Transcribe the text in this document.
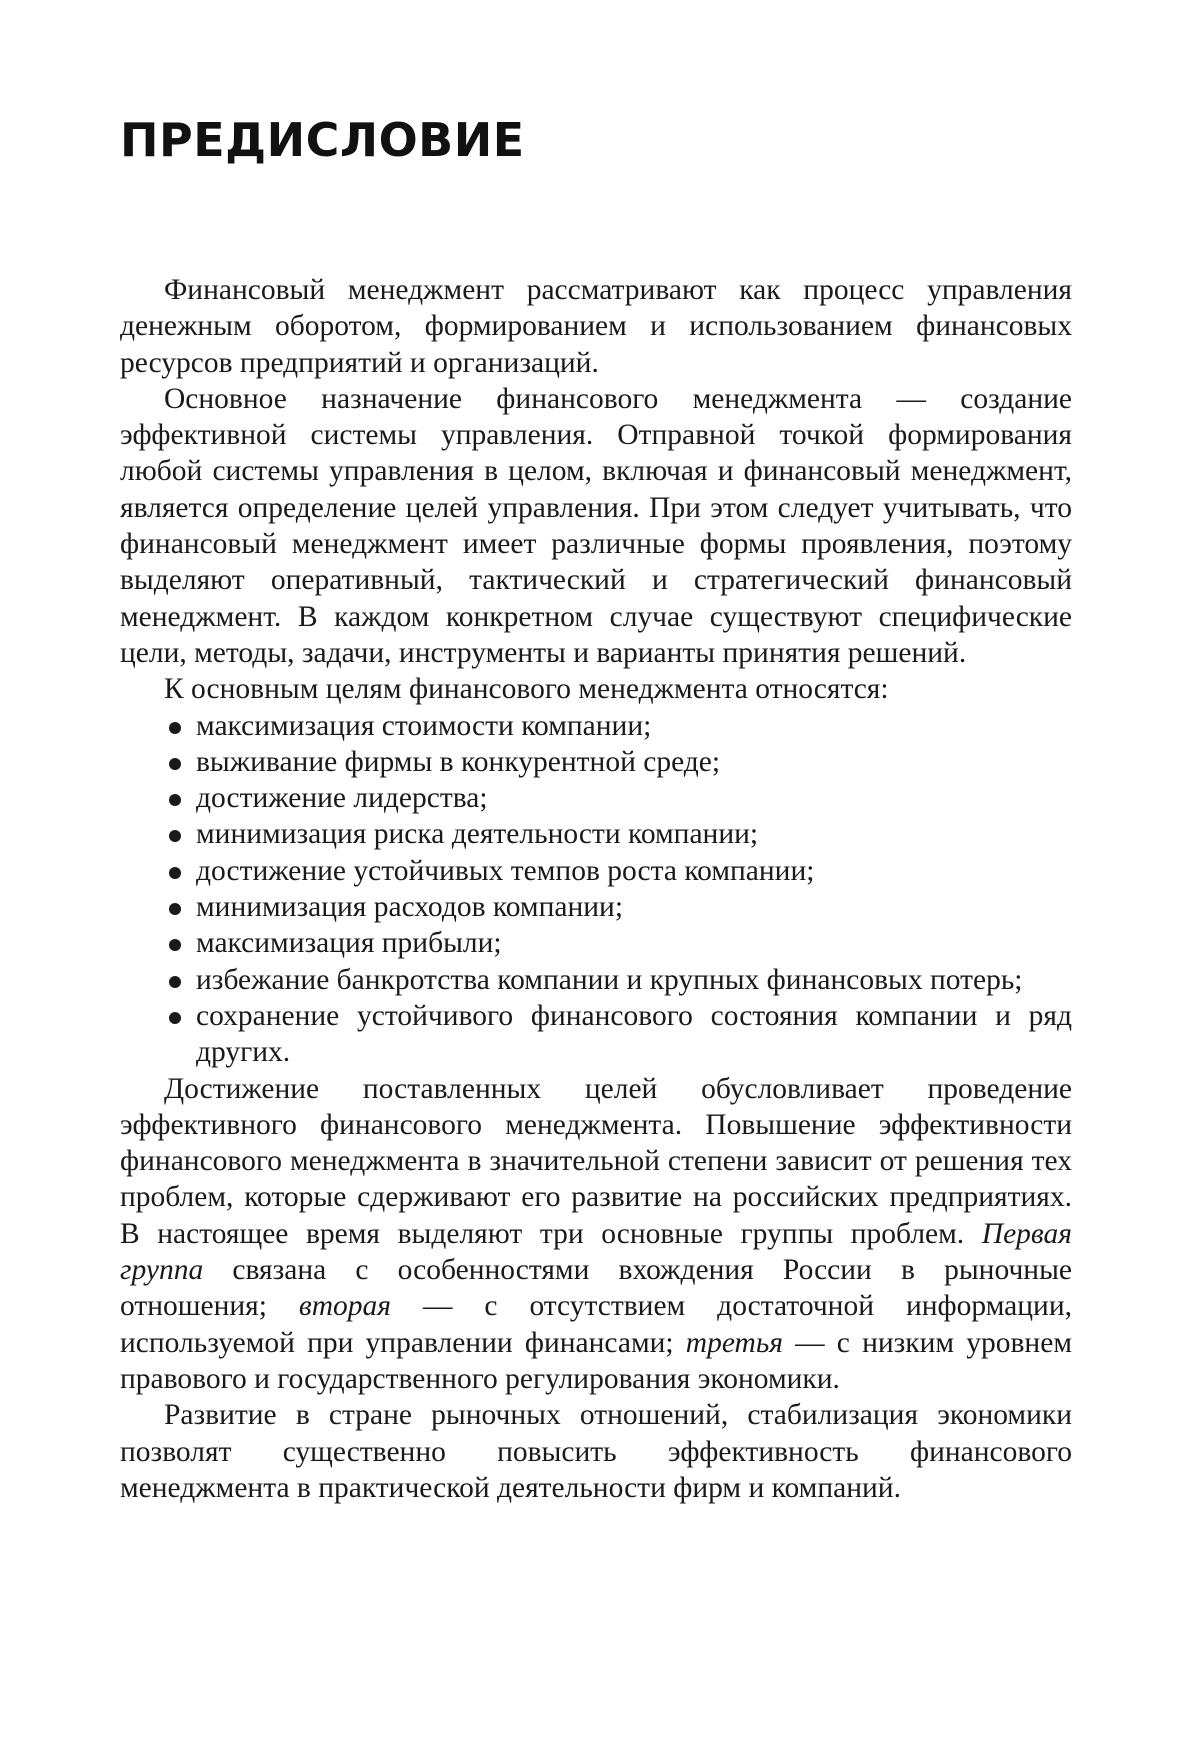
ПРЕДИСЛОВИЕ

Финансовый менеджмент рассматривают как процесс управления денежным оборотом, формированием и использованием финансовых ресурсов предприятий и организаций.

Основное назначение финансового менеджмента — создание эффективной системы управления. Отправной точкой формирования любой системы управления в целом, включая и финансовый менеджмент, является определение целей управления. При этом следует учитывать, что финансовый менеджмент имеет различные формы проявления, поэтому выделяют оперативный, тактический и стратегический финансовый менеджмент. В каждом конкретном случае существуют специфические цели, методы, задачи, инструменты и варианты принятия решений.

К основным целям финансового менеджмента относятся:

максимизация стоимости компании;
выживание фирмы в конкурентной среде;
достижение лидерства;
минимизация риска деятельности компании;
достижение устойчивых темпов роста компании;
минимизация расходов компании;
максимизация прибыли;
избежание банкротства компании и крупных финансовых потерь;
сохранение устойчивого финансового состояния компании и ряд других.

Достижение поставленных целей обусловливает проведение эффективного финансового менеджмента. Повышение эффективности финансового менеджмента в значительной степени зависит от решения тех проблем, которые сдерживают его развитие на российских предприятиях. В настоящее время выделяют три основные группы проблем. Первая группа связана с особенностями вхождения России в рыночные отношения; вторая — с отсутствием достаточной информации, используемой при управлении финансами; третья — с низким уровнем правового и государственного регулирования экономики.

Развитие в стране рыночных отношений, стабилизация экономики позволят существенно повысить эффективность финансового менеджмента в практической деятельности фирм и компаний.
